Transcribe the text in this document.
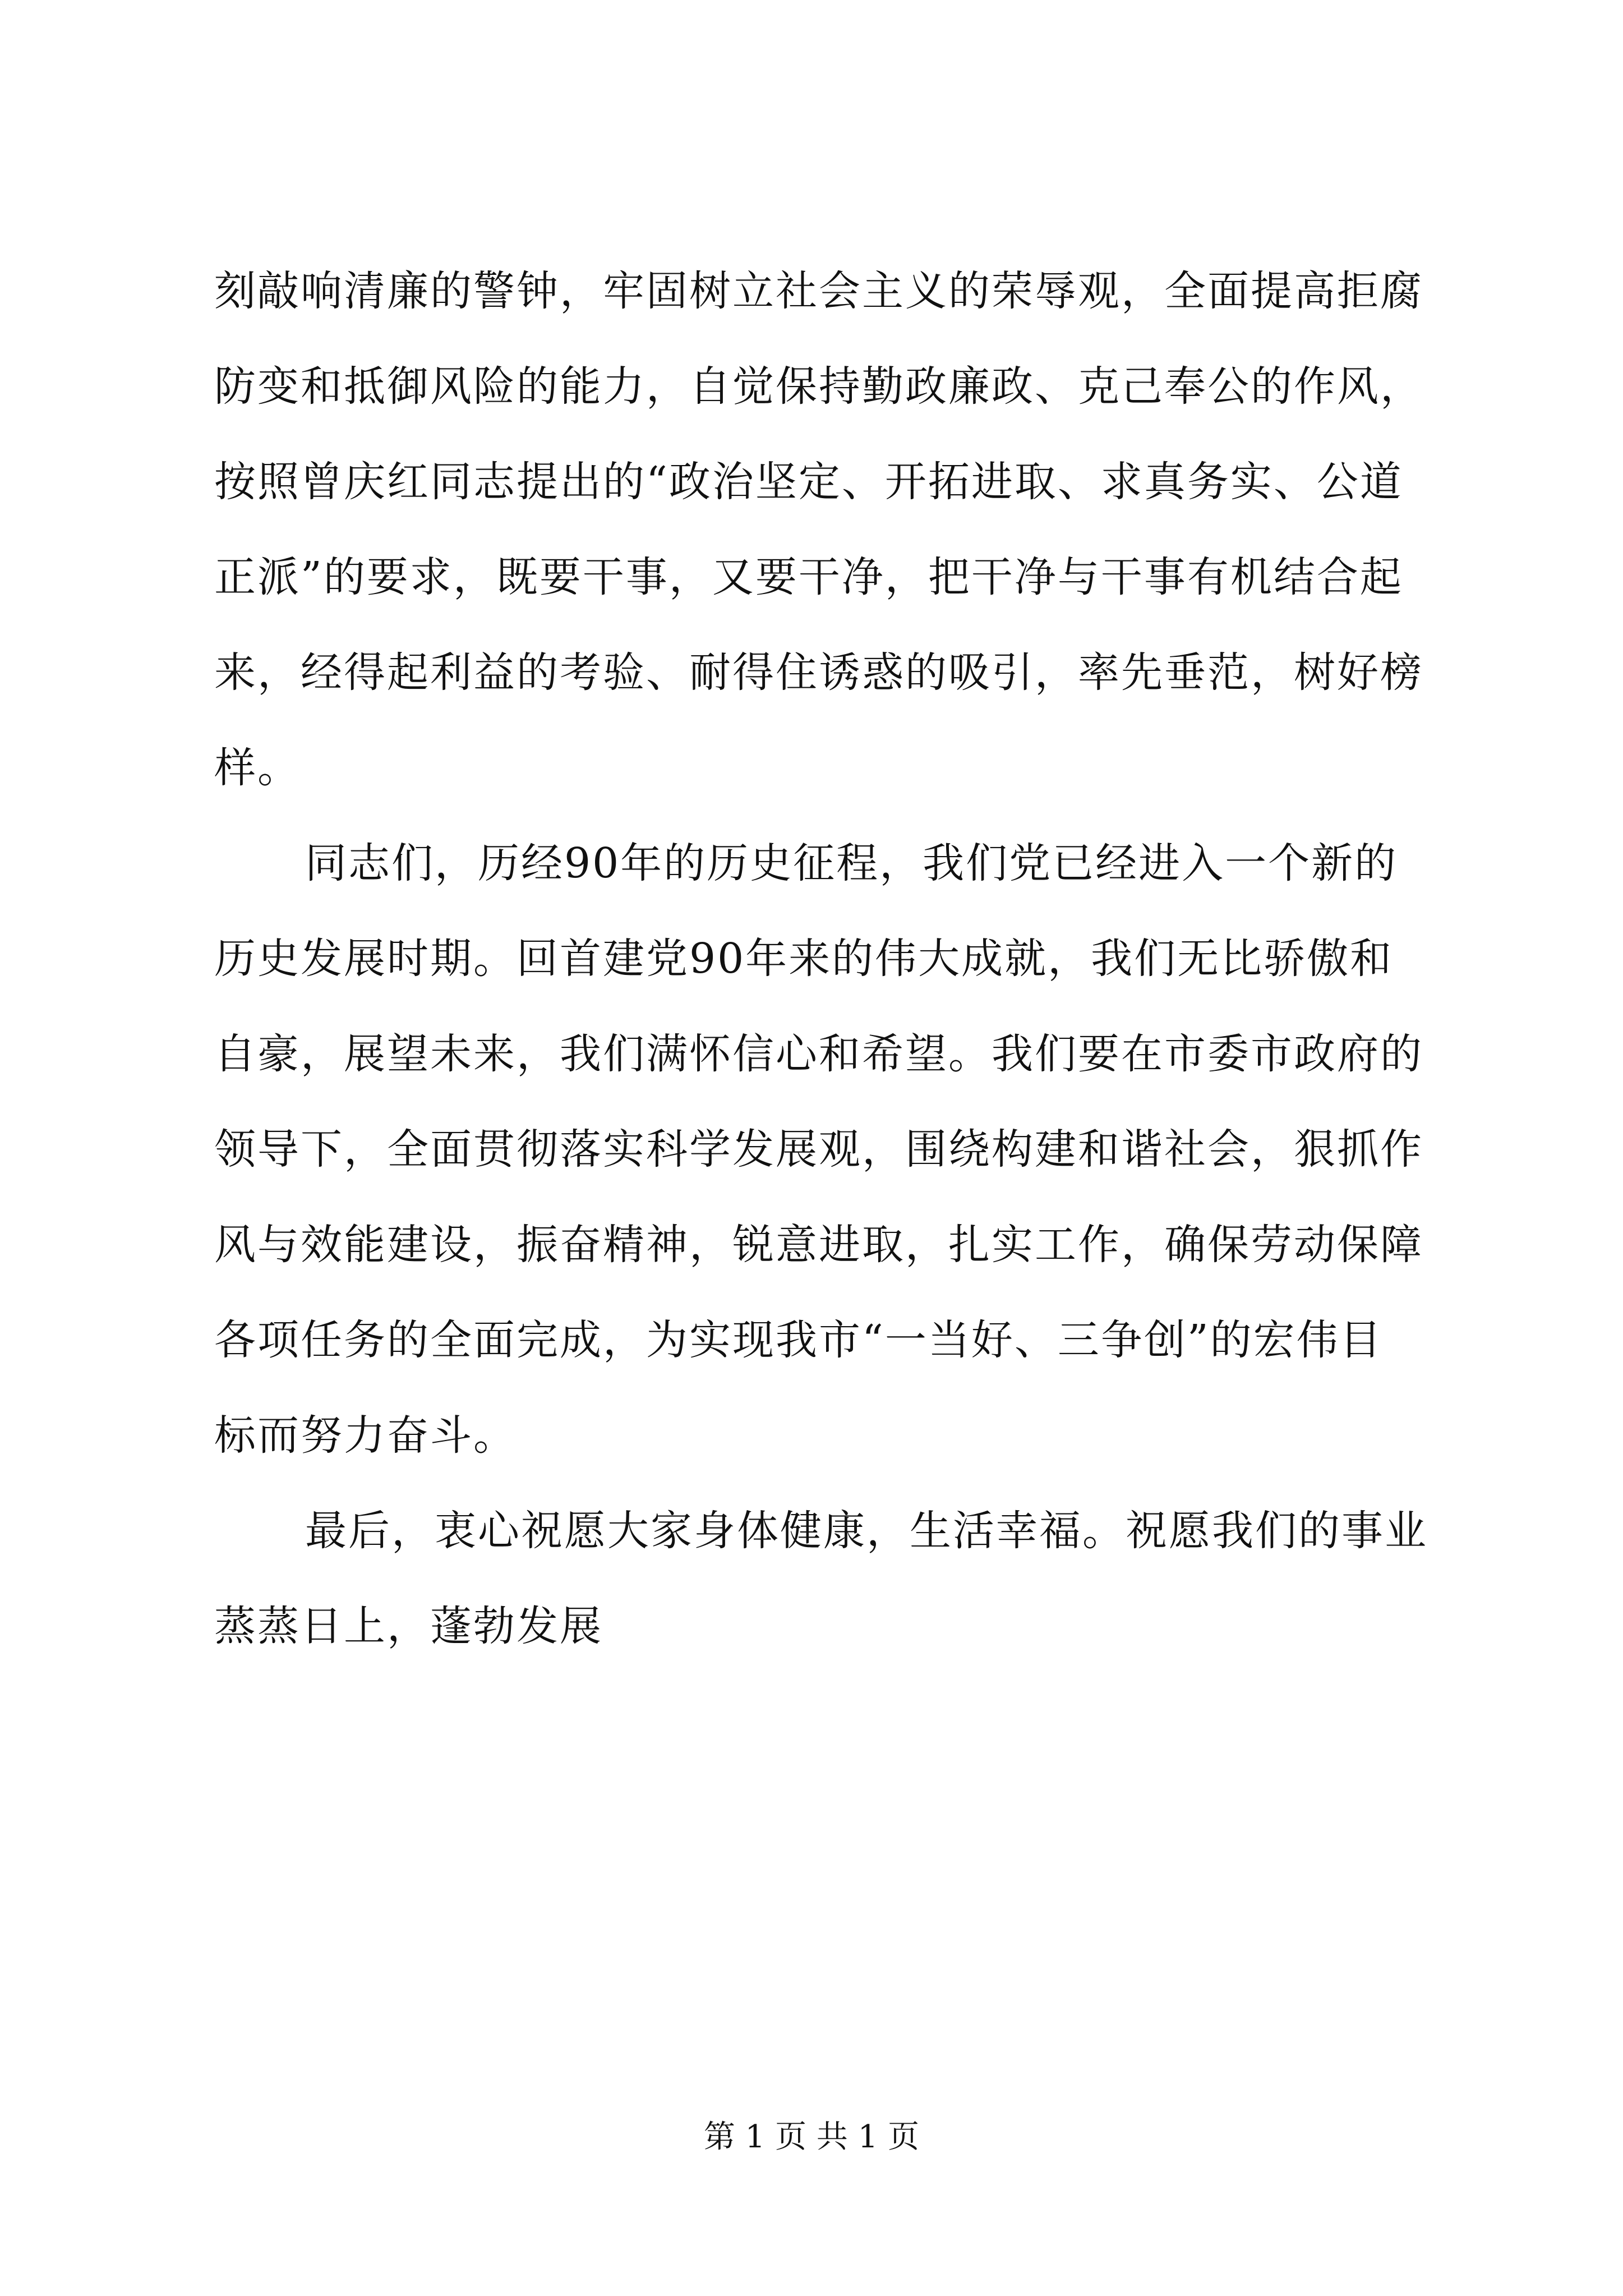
刻敲响清廉的警钟，牢固树立社会主义的荣辱观，全面提高拒腐
防变和抵御风险的能力，自觉保持勤政廉政、克己奉公的作风，
按照曾庆红同志提出的“政治坚定、开拓进取、求真务实、公道
正派”的要求，既要干事，又要干净，把干净与干事有机结合起
来，经得起利益的考验、耐得住诱惑的吸引，率先垂范，树好榜
样。
同志们，历经90年的历史征程，我们党已经进入一个新的
历史发展时期。回首建党90年来的伟大成就，我们无比骄傲和
自豪，展望未来，我们满怀信心和希望。我们要在市委市政府的
领导下，全面贯彻落实科学发展观，围绕构建和谐社会，狠抓作
风与效能建设，振奋精神，锐意进取，扎实工作，确保劳动保障
各项任务的全面完成，为实现我市“一当好、三争创”的宏伟目
标而努力奋斗。
最后，衷心祝愿大家身体健康，生活幸福。祝愿我们的事业
蒸蒸日上，蓬勃发展
第 1 页 共 1 页
